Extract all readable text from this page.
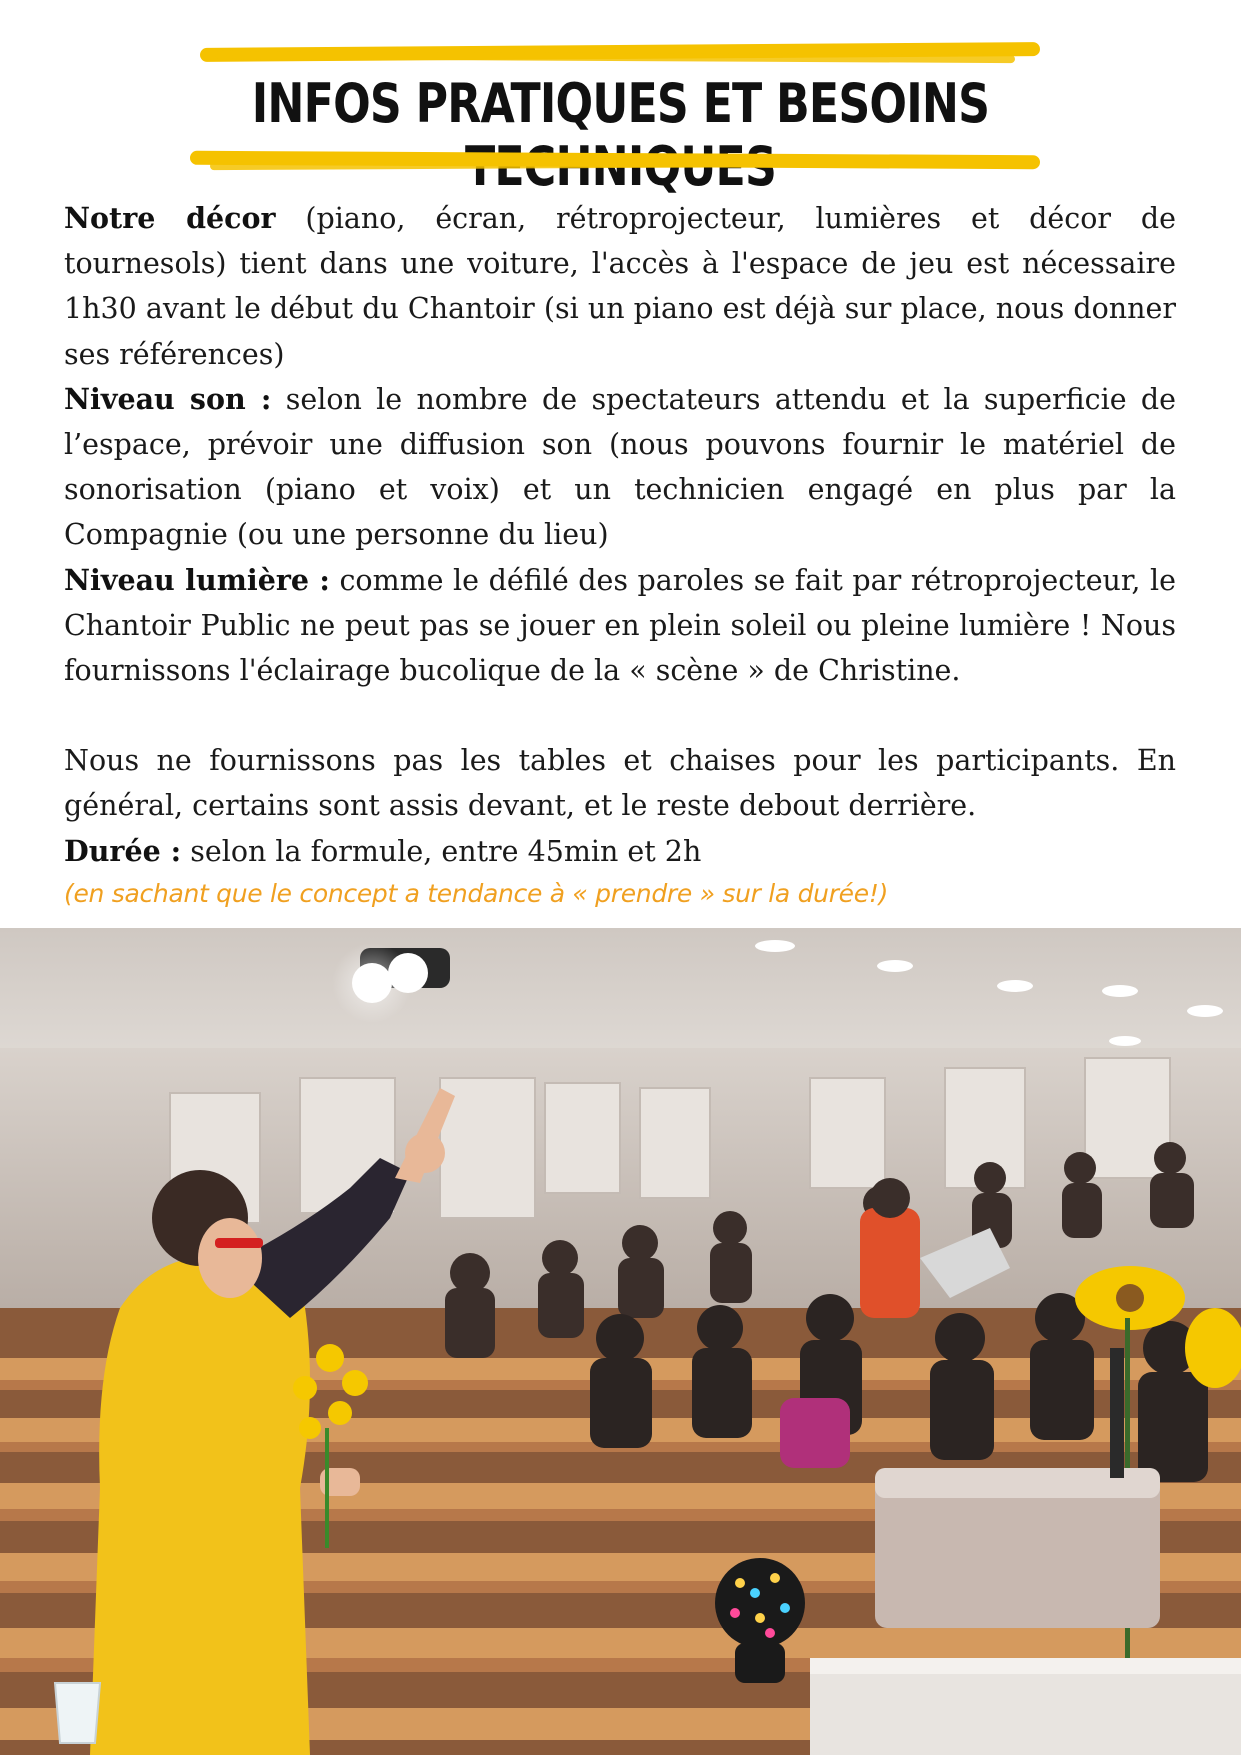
INFOS PRATIQUES ET BESOINS

Notre décor (piano, écran, rétroprojecteur, lumières et décor de tournesols) tient dans une voiture, l'accès à l'espace de jeu est nécessaire 1h30 avant le début du Chantoir (si un piano est déjà sur place, nous donner ses références)

Niveau son : selon le nombre de spectateurs attendu et la superficie de l’espace, prévoir une diffusion son (nous pouvons fournir le matériel de sonorisation (piano et voix) et un technicien engagé en plus par la Compagnie (ou une personne du lieu)

Niveau lumière : comme le défilé des paroles se fait par rétroprojecteur, le Chantoir Public ne peut pas se jouer en plein soleil ou pleine lumière ! Nous fournissons l'éclairage bucolique de la « scène » de Christine.

Nous ne fournissons pas les tables et chaises pour les participants. En général, certains sont assis devant, et le reste debout derrière.

Durée : selon la formule, entre 45min et 2h

(en sachant que le concept a tendance à « prendre » sur la durée!)
